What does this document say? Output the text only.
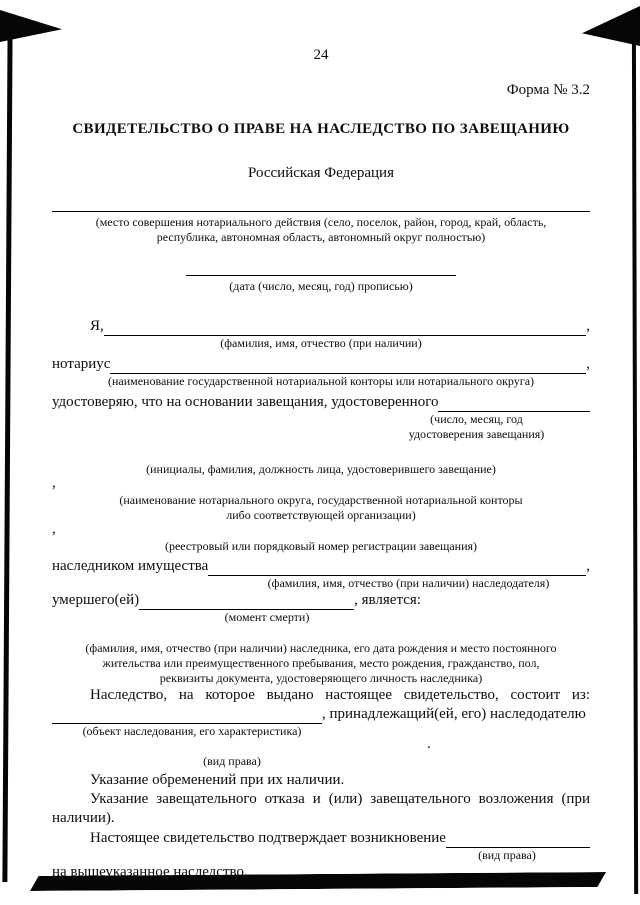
24
Форма № 3.2
СВИДЕТЕЛЬСТВО О ПРАВЕ НА НАСЛЕДСТВО ПО ЗАВЕЩАНИЮ
Российская Федерация
(место совершения нотариального действия (село, поселок, район, город, край, область,
республика, автономная область, автономный округ полностью)
(дата (число, месяц, год) прописью)
Я,	,
(фамилия, имя, отчество (при наличии)
нотариус	,
(наименование государственной нотариальной конторы или нотариального округа)
удостоверяю, что на основании завещания, удостоверенного
(число, месяц, год
удостоверения завещания)
(инициалы, фамилия, должность лица, удостоверившего завещание)
,
(наименование нотариального округа, государственной нотариальной конторы
либо соответствующей организации)
,
(реестровый или порядковый номер регистрации завещания)
наследником имущества	,
(фамилия, имя, отчество (при наличии) наследодателя)
умершего(ей)	, является:
(момент смерти)
(фамилия, имя, отчество (при наличии) наследника, его дата рождения и место постоянного
жительства или преимущественного пребывания, место рождения, гражданство, пол,
реквизиты документа, удостоверяющего личность наследника)
Наследство, на которое выдано настоящее свидетельство, состоит из:
, принадлежащий(ей, его) наследодателю
(объект наследования, его характеристика)
.
(вид права)
Указание обременений при их наличии.
Указание завещательного отказа и (или) завещательного возложения (при наличии).
Настоящее свидетельство подтверждает возникновение
(вид права)
на вышеуказанное наследство.
